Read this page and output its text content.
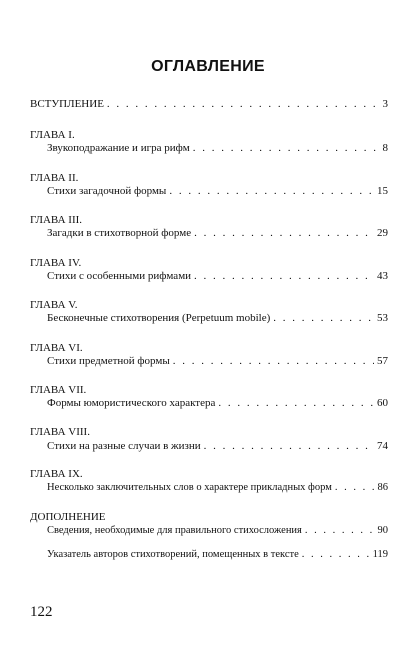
ОГЛАВЛЕНИЕ
ВСТУПЛЕНИЕ . . .	3
ГЛАВА I.
Звукоподражание и игра рифм . . .	8
ГЛАВА II.
Стихи загадочной формы . . .	15
ГЛАВА III.
Загадки в стихотворной форме . . .	29
ГЛАВА IV.
Стихи с особенными рифмами . . .	43
ГЛАВА V.
Бесконечные стихотворения (Perpetuum mobile) . . .	53
ГЛАВА VI.
Стихи предметной формы . . .	57
ГЛАВА VII.
Формы юмористического характера . . .	60
ГЛАВА VIII.
Стихи на разные случаи в жизни . . .	74
ГЛАВА IX.
Несколько заключительных слов о характере прикладных форм . . .	86
ДОПОЛНЕНИЕ
Сведения, необходимые для правильного стихосложения . . .	90
Указатель авторов стихотворений, помещенных в тексте . . .	119
122
